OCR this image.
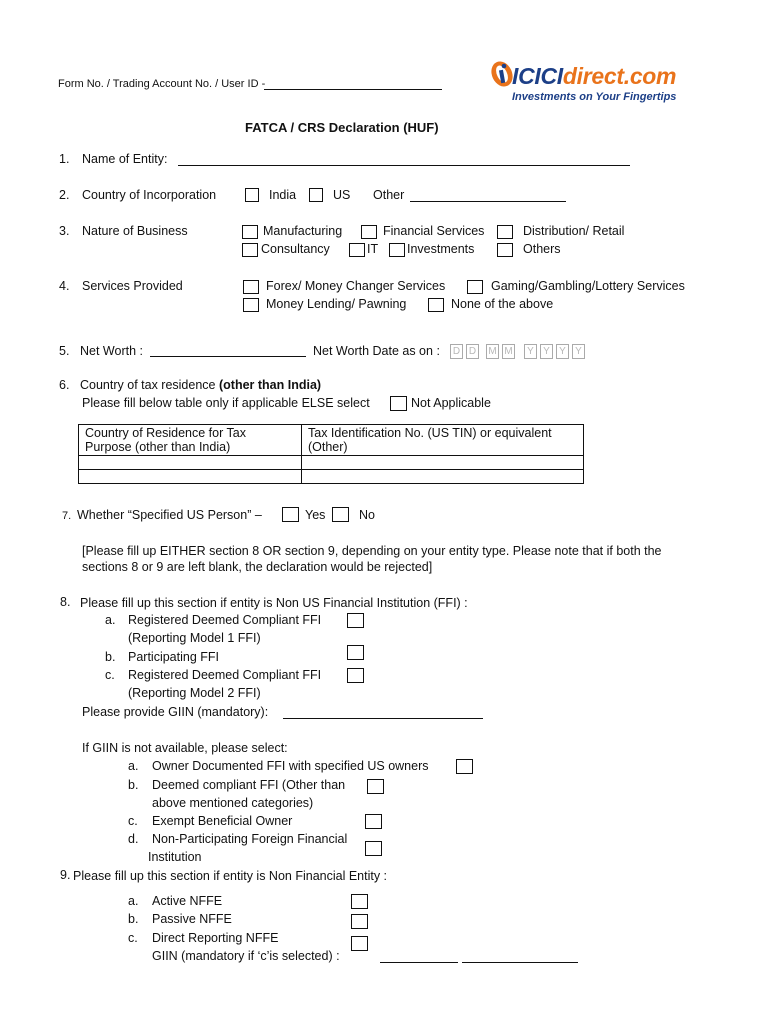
Form No. / Trading Account No. / User ID -	ICICIdirect.com
Investments on Your Fingertips
FATCA / CRS Declaration (HUF)
1. Name of Entity:
2. Country of Incorporation	India	US Other
3. Nature of Business	Manufacturing	Financial Services	Distribution/ Retail
Consultancy	IT Investments	Others
4. Services Provided	Forex/ Money Changer Services	Gaming/Gambling/Lottery Services
Money Lending/ Pawning	None of the above
5. Net Worth :	Net Worth Date as on : D D M M	Y Y Y Y
6. Country of tax residence (other than India)
Please fill below table only if applicable ELSE select	Not Applicable
Country of Residence for Tax Purpose (other than India)	Tax Identification No. (US TIN) or equivalent (Other)

7. Whether “Specified US Person” –	Yes	No
[Please fill up EITHER section 8 OR section 9, depending on your entity type. Please note that if both the
sections 8 or 9 are left blank, the declaration would be rejected]
8. Please fill up this section if entity is Non US Financial Institution (FFI) :
a. Registered Deemed Compliant FFI
(Reporting Model 1 FFI)
b. Participating FFI
c. Registered Deemed Compliant FFI
(Reporting Model 2 FFI)
Please provide GIIN (mandatory):
If GIIN is not available, please select:
a. Owner Documented FFI with specified US owners
b. Deemed compliant FFI (Other than
above mentioned categories)
c. Exempt Beneficial Owner
d. Non-Participating Foreign Financial
Institution
9. Please fill up this section if entity is Non Financial Entity :
a. Active NFFE
b. Passive NFFE
c. Direct Reporting NFFE
GIIN (mandatory if ‘c’is selected) :
